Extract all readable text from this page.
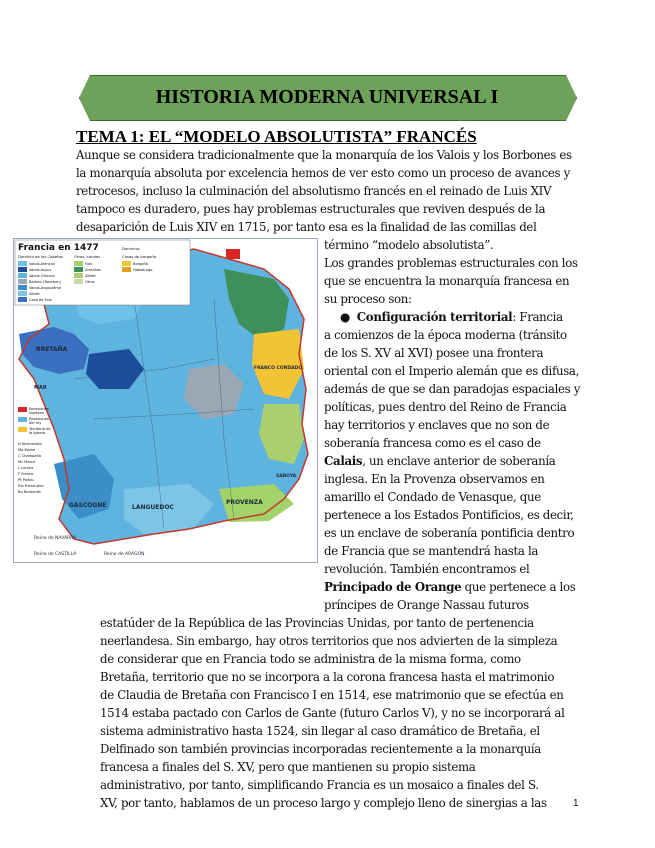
HISTORIA MODERNA UNIVERSAL I
TEMA 1: EL “MODELO ABSOLUTISTA” FRANCÉS
Aunque se considera tradicionalmente que la monarquía de los Valois y los Borbones es
la monarquía absoluta por excelencia hemos de ver esto como un proceso de avances y
retrocesos, incluso la culminación del absolutismo francés en el reinado de Luis XIV
tampoco es duradero, pues hay problemas estructurales que reviven después de la
desaparición de Luis XIV en 1715, por tanto esa es la finalidad de las comillas del
Francia en 1477
Dominio de los Capetos	Otros, condes
Dominios
Casas de borgoña
Valois-Alençon
Valois-Anjou
Valois-Orleans
Borbón (Bourbon)
Valois-Angoulême
Albret
Casa de Foix
Foix
Armañac
Albret
Otros
Borgoña
Habsburgo
Posesiones
inglesas
Posesiones
del rey
Territorio de
la Iglesia
N Normandía
Mo Maine
C Champaña
Mc Marca
L Lorena
F Franco
Pt Poitou
Ext Extranjero
Bo Borbonés
BRETAÑA
GASCOGNE	LANGUEDOC
PROVENZA
SABOYA
FRANCO CONDADO
MAR
Reino de NAVARRA
Reino de ARAGÓN
Reino de CASTILLA
término “modelo absolutista”.
Los grandes problemas estructurales con los
que se encuentra la monarquía francesa en
su proceso son:
● Configuración territorial: Francia
a comienzos de la época moderna (tránsito
de los S. XV al XVI) posee una frontera
oriental con el Imperio alemán que es difusa,
además de que se dan paradojas espaciales y
políticas, pues dentro del Reino de Francia
hay territorios y enclaves que no son de
soberanía francesa como es el caso de
Calais, un enclave anterior de soberanía
inglesa. En la Provenza observamos en
amarillo el Condado de Venasque, que
pertenece a los Estados Pontificios, es decir,
es un enclave de soberanía pontificia dentro
de Francia que se mantendrá hasta la
revolución. También encontramos el
Principado de Orange que pertenece a los
príncipes de Orange Nassau futuros
estatúder de la República de las Provincias Unidas, por tanto de pertenencia
neerlandesa. Sin embargo, hay otros territorios que nos advierten de la simpleza
de considerar que en Francia todo se administra de la misma forma, como
Bretaña, territorio que no se incorpora a la corona francesa hasta el matrimonio
de Claudia de Bretaña con Francisco I en 1514, ese matrimonio que se efectúa en
1514 estaba pactado con Carlos de Gante (futuro Carlos V), y no se incorporará al
sistema administrativo hasta 1524, sin llegar al caso dramático de Bretaña, el
Delfinado son también provincias incorporadas recientemente a la monarquía
francesa a finales del S. XV, pero que mantienen su propio sistema
administrativo, por tanto, simplificando Francia es un mosaico a finales del S.
XV, por tanto, hablamos de un proceso largo y complejo lleno de sinergias a las	1
